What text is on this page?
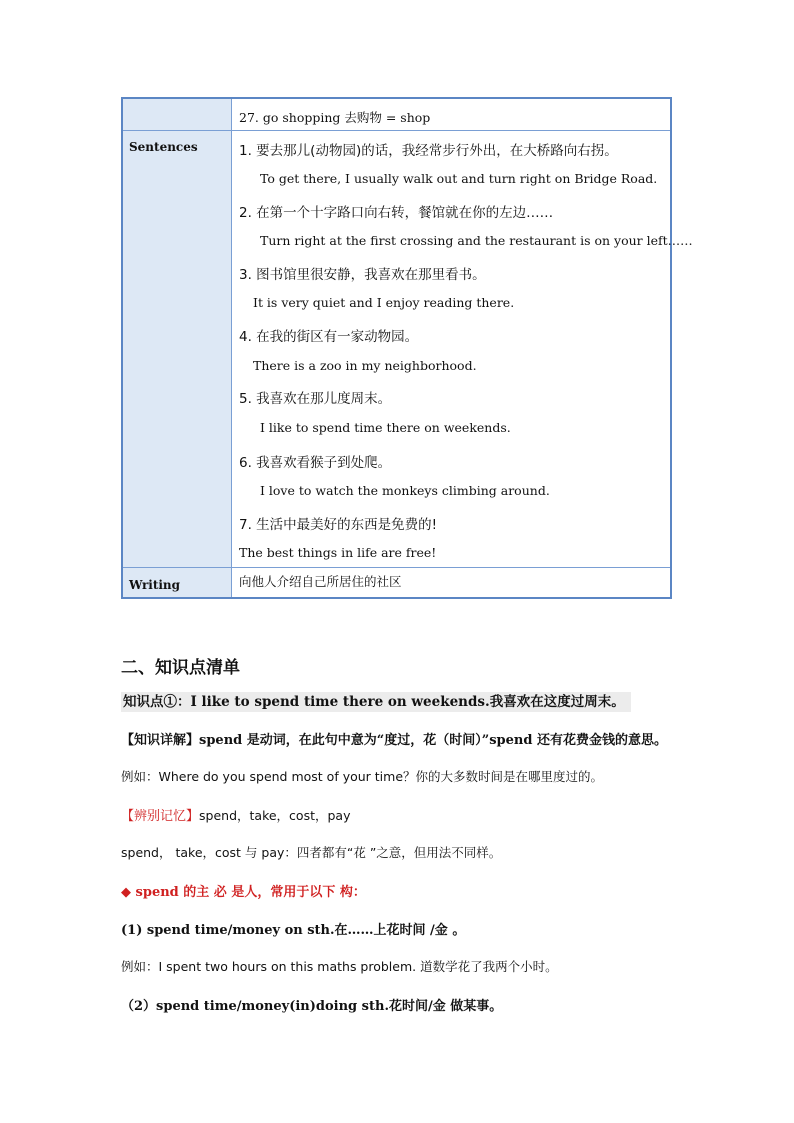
27. go shopping 去购物 = shop
Sentences	1. 要去那儿(动物园)的话，我经常步行外出，在大桥路向右拐。
To get there, I usually walk out and turn right on Bridge Road.
2. 在第一个十字路口向右转，餐馆就在你的左边……
Turn right at the first crossing and the restaurant is on your left……
3. 图书馆里很安静，我喜欢在那里看书。
It is very quiet and I enjoy reading there.
4. 在我的街区有一家动物园。
There is a zoo in my neighborhood.
5. 我喜欢在那儿度周末。
I like to spend time there on weekends.
6. 我喜欢看猴子到处爬。
I love to watch the monkeys climbing around.
7. 生活中最美好的东西是免费的!
The best things in life are free!
Writing	向他人介绍自己所居住的社区
二、知识点清单
知识点①：I like to spend time there on weekends.我喜欢在这度过周末。
【知识详解】spend 是动词，在此句中意为“度过，花（时间）”spend 还有花费金钱的意思。
例如：Where do you spend most of your time？你的大多数时间是在哪里度过的。
【辨别记忆】spend，take，cost，pay
spend， take，cost 与 pay：四者都有“花 ”之意，但用法不同样。
◆ spend 的主 必 是人，常用于以下 构：
(1) spend time/money on sth.在……上花时间 /金 。
例如：I spent two hours on this maths problem. 道数学花了我两个小时。
（2）spend time/money(in)doing sth.花时间/金 做某事。
